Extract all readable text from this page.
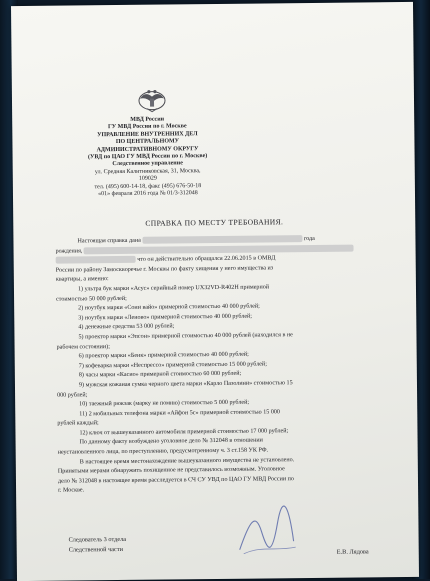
МВД России
ГУ МВД России по г. Москве
УПРАВЛЕНИЕ ВНУТРЕННИХ ДЕЛ
ПО ЦЕНТРАЛЬНОМУ
АДМИНИСТРАТИВНОМУ ОКРУГУ
(УВД по ЦАО ГУ МВД России по г. Москве)
Следственное управление
ул. Средняя Калитниковская, 31, Москва,
109029
тел. (495) 600-14-18, факс (495) 676-50-18
«01» февраля 2016 года № 01/3-312048
СПРАВКА ПО МЕСТУ ТРЕБОВАНИЯ.
Настоящая справка дана	года
рождения,
что он действительно обращался 22.06.2015 в ОМВД
России по району Замоскворечье г. Москвы по факту хищения у него имущества из
квартиры, а именно:
1) ультра бук марки «Асус» серийный номер UX32VD-R402H примерной
стоимостью 50 000 рублей;
2) ноутбук марки «Сони вайо» примерной стоимостью 40 000 рублей;
3) ноутбук марки «Леново» примерной стоимостью 40 000 рублей;
4) денежные средства 53 000 рублей;
5) проектор марки «Эпсон» примерной стоимостью 40 000 рублей (находился в не
рабочем состоянии);
6) проектор марки «Бенк» примерной стоимостью 40 000 рублей;
7) кофеварка марки «Неспрессо» примерной стоимостью 15 000 рублей;
8) часы марки «Касио» примерной стоимостью 60 000 рублей;
9) мужская кожаная сумка черного цвета марки «Карло Пазолини» стоимостью 15
000 рублей;
10) таежный рюкзак (марку не помню) стоимостью 5 000 рублей;
11) 2 мобильных телефона марки «Айфон 5с» примерной стоимостью 15 000
рублей каждый;
12) ключ от вышеуказанного автомобиля примерной стоимостью 17 000 рублей;
По данному факту возбуждено уголовное дело № 312048 в отношении
неустановленного лица, по преступлению, предусмотренному ч. 3 ст.158 УК РФ.
В настоящее время местонахождение вышеуказанного имущества не установлено.
Принятыми мерами обнаружить похищенное не представилось возможным. Уголовное
дело № 312048 в настоящее время расследуется в СЧ СУ УВД по ЦАО ГУ МВД России по
г. Москве.
Следователь 3 отдела
Следственной части	Е.В. Лядова
